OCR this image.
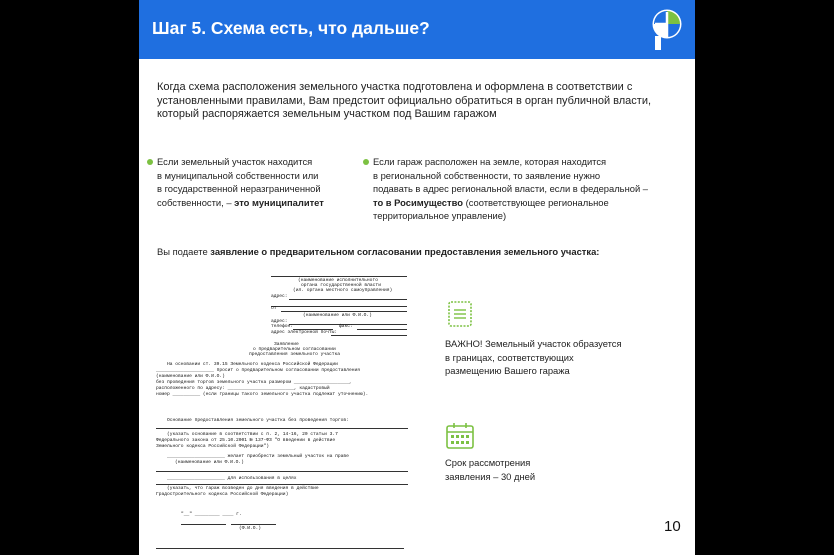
Шаг 5. Схема есть, что дальше?
Когда схема расположения земельного участка подготовлена и оформлена в соответствии с установленными правилами, Вам предстоит официально обратиться в орган публичной власти, который распоряжается земельным участком под Вашим гаражом
Если земельный участок находится
в муниципальной собственности или
в государственной неразграниченной
собственности, – это муниципалитет
Если гараж расположен на земле, которая находится
в региональной собственности, то заявление нужно
подавать в адрес региональной власти, если в федеральной –
то в Росимущество (соответствующее региональное
территориальное управление)
Вы подаете заявление о предварительном согласовании предоставления земельного участка:
(наименование исполнительного
органа государственной власти
(ил. органа местного самоуправления)
адрес:
от
(наименование или Ф.И.О.)
адрес:
телефон:	факс:
адрес электронной почты:
Заявление
о предварительном согласовании
предоставления земельного участка
На основании ст. 39.15 Земельного кодекса Российской Федерации
_____________________ просит о предварительном согласовании предоставления
(наименование или Ф.И.О.)
без проведения торгов земельного участка размером ____________________,
расположенного по адресу: ________________________, кадастровый
номер __________ (если границы такого земельного участка подлежат уточнению).
Основание предоставления земельного участка без проведения торгов:
(указать основание в соответствии с п. 2, 14-16, 20 статьи 3.7
Федерального закона от 25.10.2001 № 137-ФЗ "О введении в действие
Земельного кодекса Российской Федерации")
_____________________ желает приобрести земельный участок на праве
(наименование или Ф.И.О.)
_____________________ для использования в целях
(указать, что гараж возведен до дня введения в действие
Градостроительного кодекса Российской Федерации)
"__" _________ ____ г.
(Ф.И.О.)
ВАЖНО! Земельный участок образуется
в границах, соответствующих
размещению Вашего гаража
Срок рассмотрения
заявления – 30 дней
10
